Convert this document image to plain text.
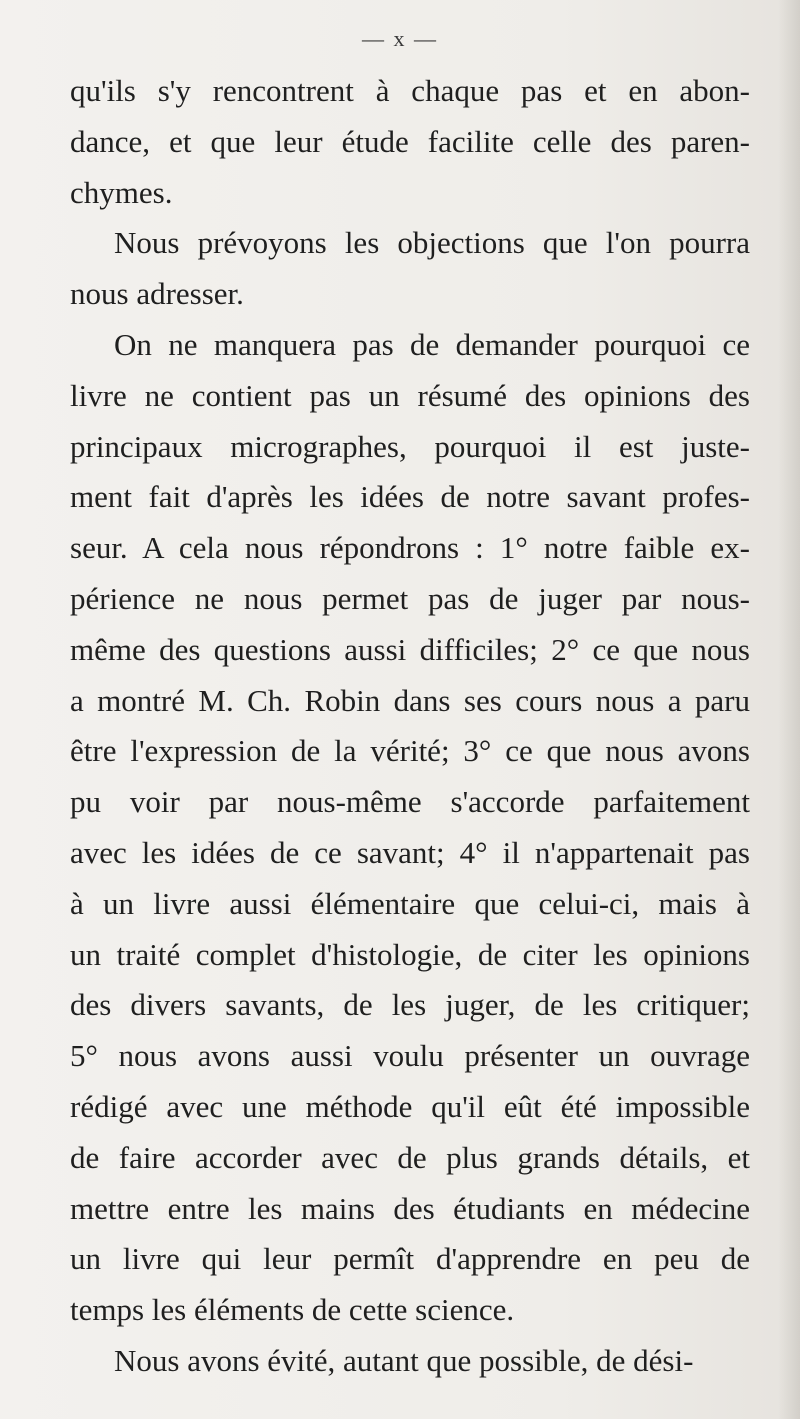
— x —
qu'ils s'y rencontrent à chaque pas et en abon-
dance, et que leur étude facilite celle des paren-
chymes.
Nous prévoyons les objections que l'on pourra
nous adresser.
On ne manquera pas de demander pourquoi ce
livre ne contient pas un résumé des opinions des
principaux micrographes, pourquoi il est juste-
ment fait d'après les idées de notre savant profes-
seur. A cela nous répondrons : 1° notre faible ex-
périence ne nous permet pas de juger par nous-
même des questions aussi difficiles; 2° ce que nous
a montré M. Ch. Robin dans ses cours nous a paru
être l'expression de la vérité; 3° ce que nous avons
pu voir par nous-même s'accorde parfaitement
avec les idées de ce savant; 4° il n'appartenait pas
à un livre aussi élémentaire que celui-ci, mais à
un traité complet d'histologie, de citer les opinions
des divers savants, de les juger, de les critiquer;
5° nous avons aussi voulu présenter un ouvrage
rédigé avec une méthode qu'il eût été impossible
de faire accorder avec de plus grands détails, et
mettre entre les mains des étudiants en médecine
un livre qui leur permît d'apprendre en peu de
temps les éléments de cette science.
Nous avons évité, autant que possible, de dési-
